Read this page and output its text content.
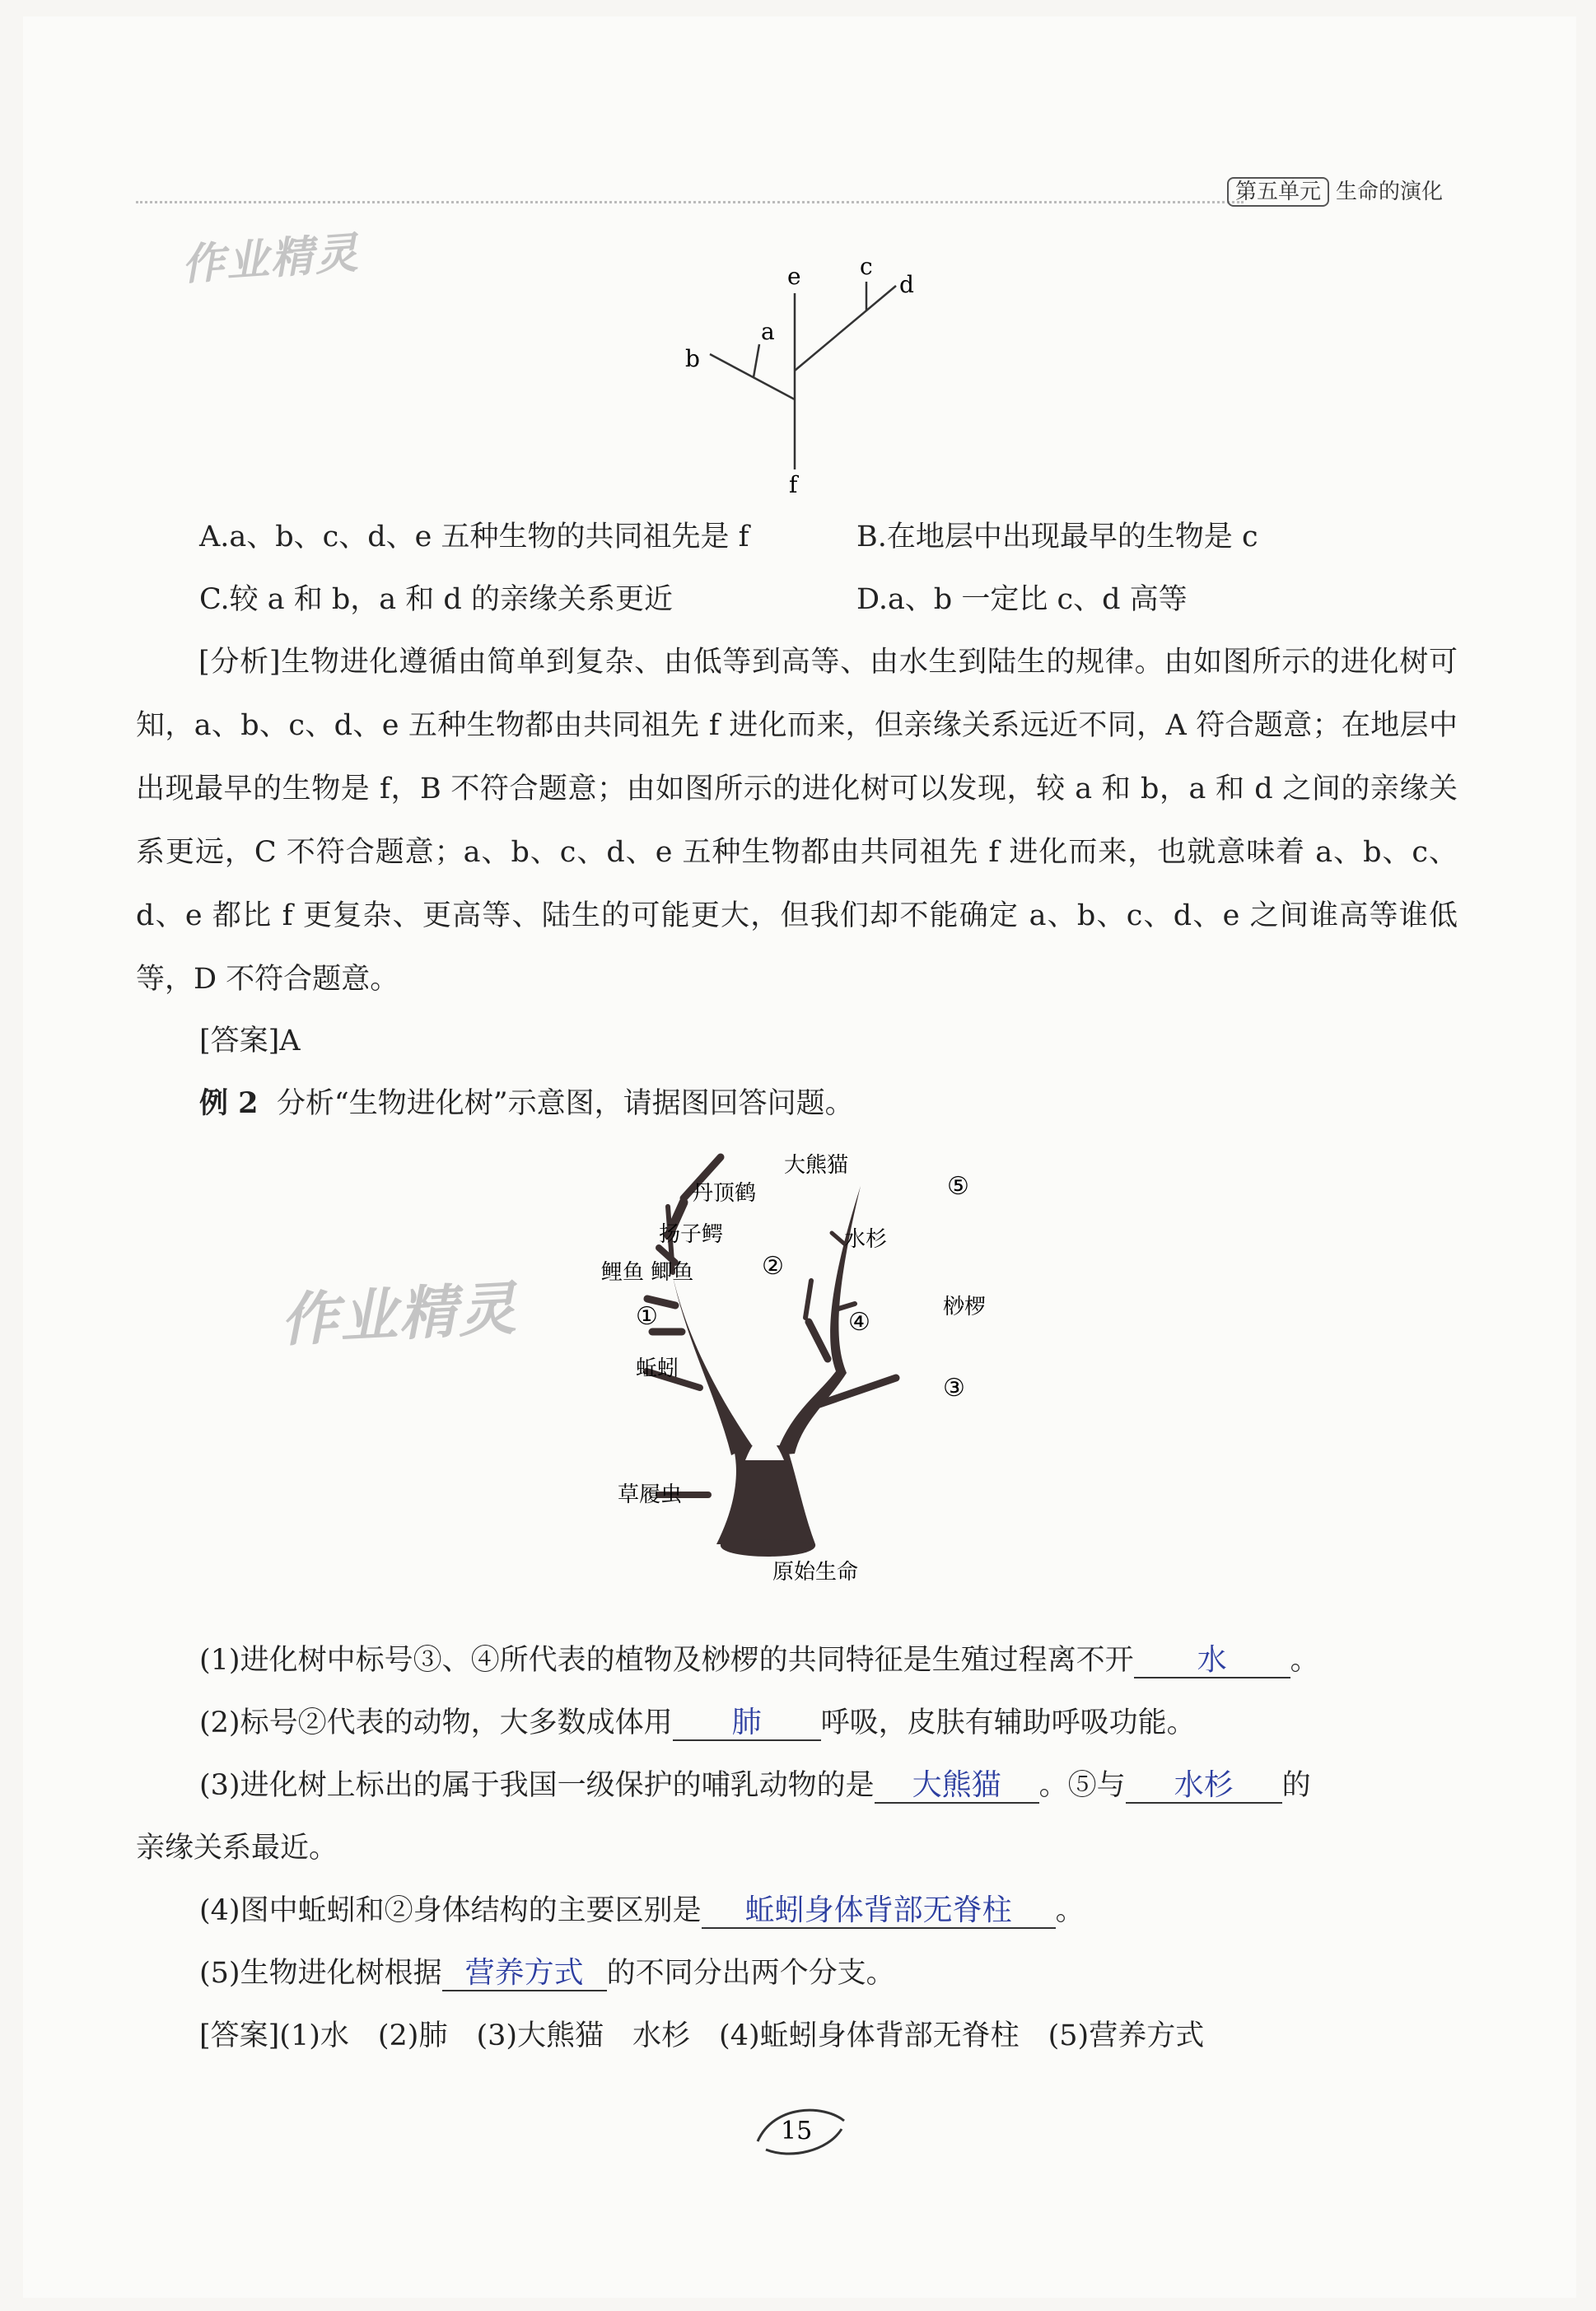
第五单元 生命的演化
作业精灵
作业精灵
a
b
c
d
e
f
A.a、b、c、d、e 五种生物的共同祖先是 f	B.在地层中出现最早的生物是 c
C.较 a 和 b，a 和 d 的亲缘关系更近	D.a、b 一定比 c、d 高等
[分析]生物进化遵循由简单到复杂、由低等到高等、由水生到陆生的规律。由如图所示的进化树可知，a、b、c、d、e 五种生物都由共同祖先 f 进化而来，但亲缘关系远近不同，A 符合题意；在地层中出现最早的生物是 f，B 不符合题意；由如图所示的进化树可以发现，较 a 和 b，a 和 d 之间的亲缘关系更远，C 不符合题意；a、b、c、d、e 五种生物都由共同祖先 f 进化而来，也就意味着 a、b、c、d、e 都比 f 更复杂、更高等、陆生的可能更大，但我们却不能确定 a、b、c、d、e 之间谁高等谁低等，D 不符合题意。
[答案]A
例 2 分析“生物进化树”示意图，请据图回答问题。
大熊猫
丹顶鹤
扬子鳄
鲤鱼 鲫鱼
蚯蚓
草履虫
原始生命
水杉
桫椤
①
②
③
④
⑤
(1)进化树中标号③、④所代表的植物及桫椤的共同特征是生殖过程离不开 水 。
(2)标号②代表的动物，大多数成体用 肺 呼吸，皮肤有辅助呼吸功能。
(3)进化树上标出的属于我国一级保护的哺乳动物的是 大熊猫 。⑤与 水杉 的
亲缘关系最近。
(4)图中蚯蚓和②身体结构的主要区别是 蚯蚓身体背部无脊柱 。
(5)生物进化树根据 营养方式 的不同分出两个分支。
[答案](1)水　(2)肺　(3)大熊猫　水杉　(4)蚯蚓身体背部无脊柱　(5)营养方式
15
